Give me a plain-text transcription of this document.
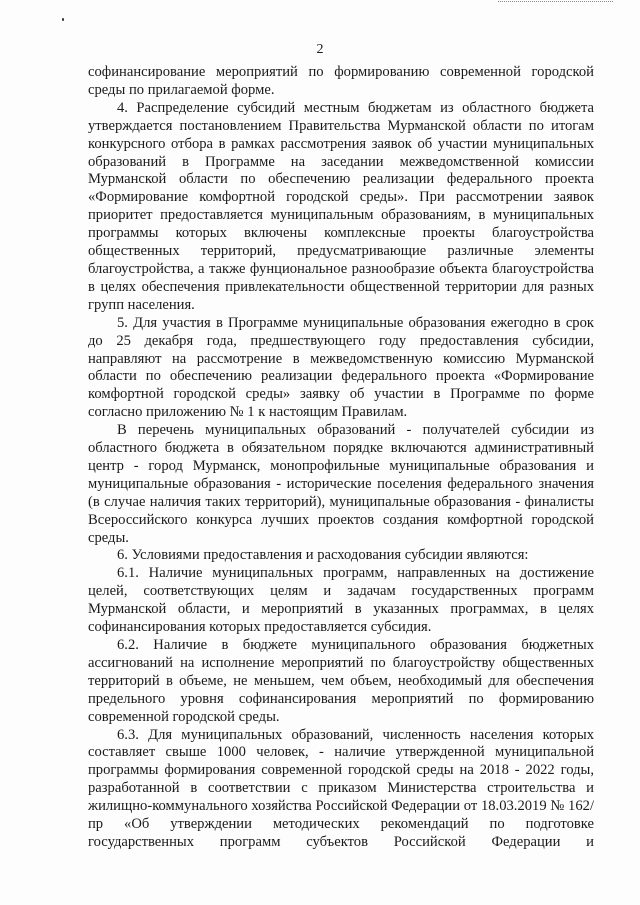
2

софинансирование мероприятий по формированию современной городской среды по прилагаемой форме.

4. Распределение субсидий местным бюджетам из областного бюджета утверждается постановлением Правительства Мурманской области по итогам конкурсного отбора в рамках рассмотрения заявок об участии муниципальных образований в Программе на заседании межведомственной комиссии Мурманской области по обеспечению реализации федерального проекта «Формирование комфортной городской среды». При рассмотрении заявок приоритет предоставляется муниципальным образованиям, в муниципальных программы которых включены комплексные проекты благоустройства общественных территорий, предусматривающие различные элементы благоустройства, а также фунциональное разнообразие объекта благоустройства в целях обеспечения привлекательности общественной территории для разных групп населения.

5. Для участия в Программе муниципальные образования ежегодно в срок до 25 декабря года, предшествующего году предоставления субсидии, направляют на рассмотрение в межведомственную комиссию Мурманской области по обеспечению реализации федерального проекта «Формирование комфортной городской среды» заявку об участии в Программе по форме согласно приложению № 1 к настоящим Правилам.

В перечень муниципальных образований - получателей субсидии из областного бюджета в обязательном порядке включаются административный центр - город Мурманск, монопрофильные муниципальные образования и муниципальные образования - исторические поселения федерального значения (в случае наличия таких территорий), муниципальные образования - финалисты Всероссийского конкурса лучших проектов создания комфортной городской среды.

6. Условиями предоставления и расходования субсидии являются:

6.1. Наличие муниципальных программ, направленных на достижение целей, соответствующих целям и задачам государственных программ Мурманской области, и мероприятий в указанных программах, в целях софинансирования которых предоставляется субсидия.

6.2. Наличие в бюджете муниципального образования бюджетных ассигнований на исполнение мероприятий по благоустройству общественных территорий в объеме, не меньшем, чем объем, необходимый для обеспечения предельного уровня софинансирования мероприятий по формированию современной городской среды.

6.3. Для муниципальных образований, численность населения которых составляет свыше 1000 человек, - наличие утвержденной муниципальной программы формирования современной городской среды на 2018 - 2022 годы, разработанной в соответствии с приказом Министерства строительства и жилищно-коммунального хозяйства Российской Федерации от 18.03.2019 № 162/пр «Об утверждении методических рекомендаций по подготовке государственных программ субъектов Российской Федерации и
